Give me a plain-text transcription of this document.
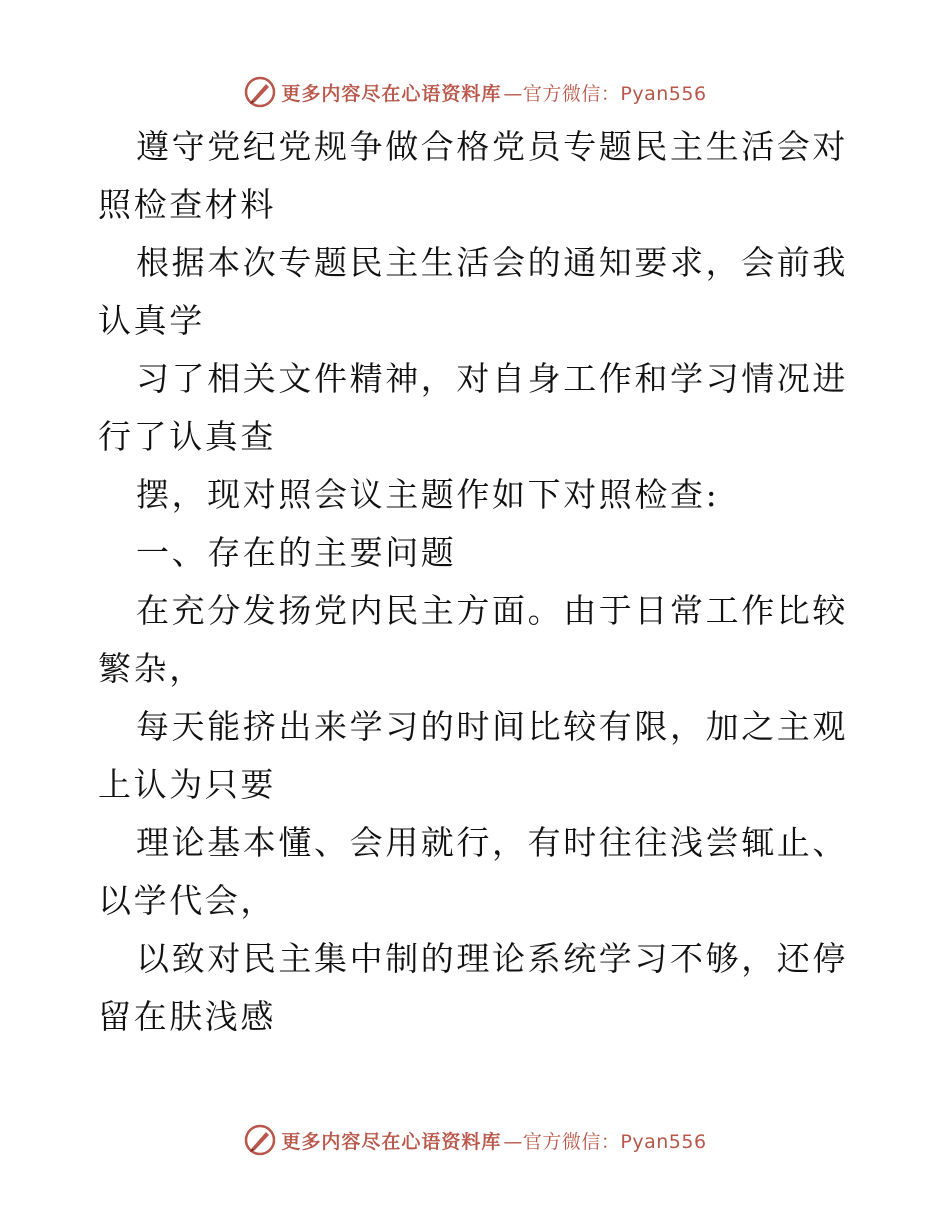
更多内容尽在心语资料库 —官方微信：Pyan556

遵守党纪党规争做合格党员专题民主生活会对照检查材料

根据本次专题民主生活会的通知要求，会前我认真学

习了相关文件精神，对自身工作和学习情况进行了认真查

摆，现对照会议主题作如下对照检查:

一、存在的主要问题

在充分发扬党内民主方面。由于日常工作比较繁杂，

每天能挤出来学习的时间比较有限，加之主观上认为只要

理论基本懂、会用就行，有时往往浅尝辄止、以学代会，

以致对民主集中制的理论系统学习不够，还停留在肤浅感

更多内容尽在心语资料库 —官方微信：Pyan556
